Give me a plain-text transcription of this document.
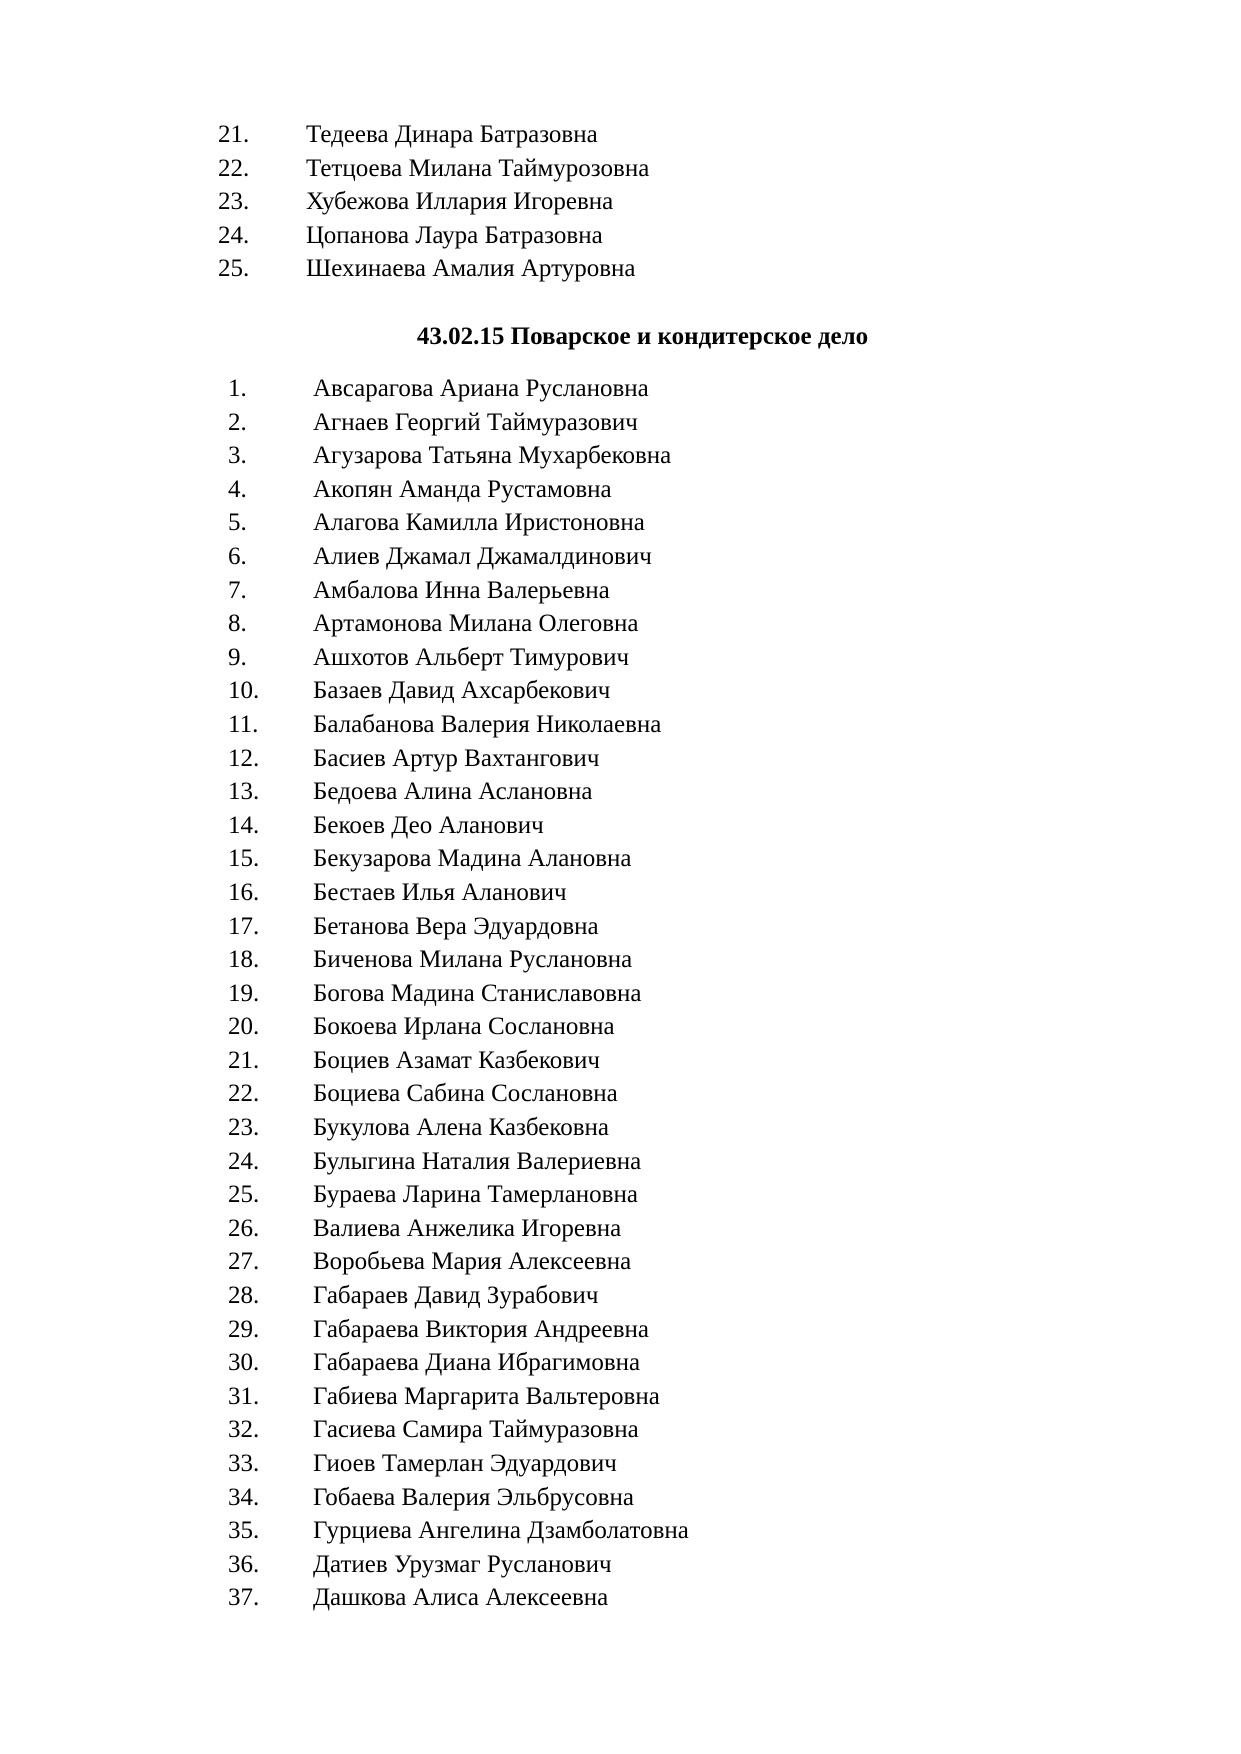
21. Тедеева Динара Батразовна
22. Тетцоева Милана Таймурозовна
23. Хубежова Иллария Игоревна
24. Цопанова Лаура Батразовна
25. Шехинаева Амалия Артуровна
43.02.15 Поварское и кондитерское дело
1.	Авсарагова Ариана Руслановна
2.	Агнаев Георгий Таймуразович
3.	Агузарова Татьяна Мухарбековна
4.	Акопян Аманда Рустамовна
5.	Алагова Камилла Иристоновна
6.	Алиев Джамал Джамалдинович
7.	Амбалова Инна Валерьевна
8.	Артамонова Милана Олеговна
9.	Ашхотов Альберт Тимурович
10. Базаев Давид Ахсарбекович
11. Балабанова Валерия Николаевна
12. Басиев Артур Вахтангович
13. Бедоева Алина Аслановна
14. Бекоев Део Аланович
15. Бекузарова Мадина Алановна
16. Бестаев Илья Аланович
17. Бетанова Вера Эдуардовна
18. Биченова Милана Руслановна
19. Богова Мадина Станиславовна
20. Бокоева Ирлана Сослановна
21. Боциев Азамат Казбекович
22. Боциева Сабина Сослановна
23. Букулова Алена Казбековна
24. Булыгина Наталия Валериевна
25. Бураева Ларина Тамерлановна
26. Валиева Анжелика Игоревна
27. Воробьева Мария Алексеевна
28. Габараев Давид Зурабович
29. Габараева Виктория Андреевна
30. Габараева Диана Ибрагимовна
31. Габиева Маргарита Вальтеровна
32. Гасиева Самира Таймуразовна
33. Гиоев Тамерлан Эдуардович
34. Гобаева Валерия Эльбрусовна
35. Гурциева Ангелина Дзамболатовна
36. Датиев Урузмаг Русланович
37. Дашкова Алиса Алексеевна
